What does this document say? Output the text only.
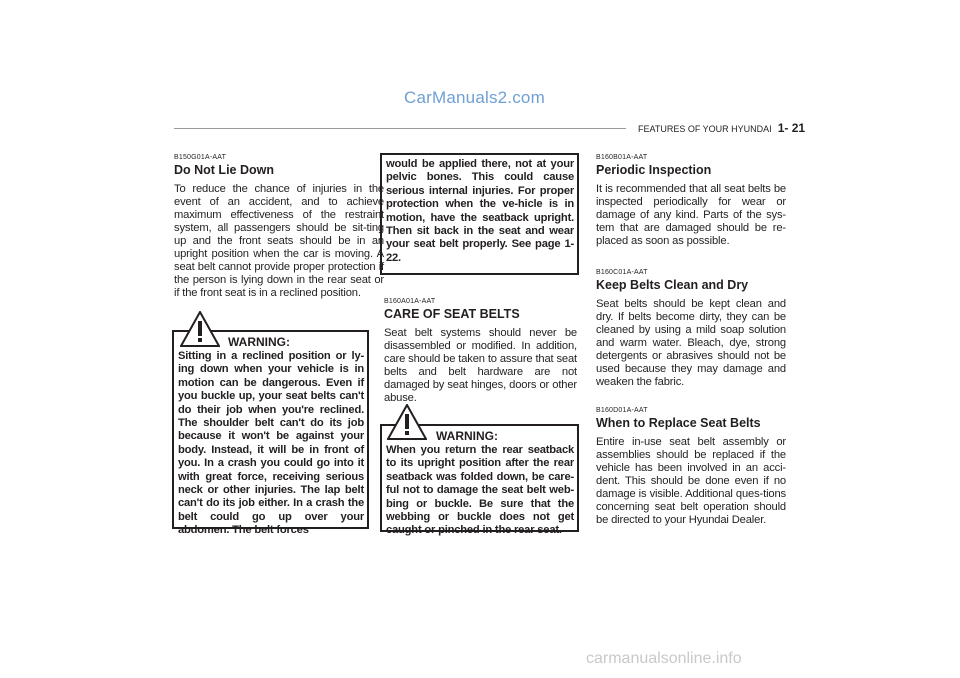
CarManuals2.com
FEATURES OF YOUR HYUNDAI 1- 21

B150G01A-AAT

Do Not Lie Down

To reduce the chance of injuries in the event of an accident, and to achieve maximum effectiveness of the restraint system, all passengers should be sit-ting up and the front seats should be in an upright position when the car is moving. A seat belt cannot provide proper protection if the person is lying down in the rear seat or if the front seat is in a reclined position.

WARNING:

Sitting in a reclined position or ly-ing down when your vehicle is in motion can be dangerous. Even if you buckle up, your seat belts can't do their job when you're reclined. The shoulder belt can't do its job because it won't be against your body. Instead, it will be in front of you. In a crash you could go into it with great force, receiving serious neck or other injuries. The lap belt can't do its job either. In a crash the belt could go up over your abdomen. The belt forces

would be applied there, not at your pelvic bones. This could cause serious internal injuries. For proper protection when the ve-hicle is in motion, have the seatback upright. Then sit back in the seat and wear your seat belt properly. See page 1-22.

B160A01A-AAT

CARE OF SEAT BELTS

Seat belt systems should never be disassembled or modified. In addition, care should be taken to assure that seat belts and belt hardware are not damaged by seat hinges, doors or other abuse.

WARNING:

When you return the rear seatback to its upright position after the rear seatback was folded down, be care-ful not to damage the seat belt web-bing or buckle. Be sure that the webbing or buckle does not get caught or pinched in the rear seat.

B160B01A-AAT

Periodic Inspection

It is recommended that all seat belts be inspected periodically for wear or damage of any kind. Parts of the sys-tem that are damaged should be re-placed as soon as possible.

B160C01A-AAT

Keep Belts Clean and Dry

Seat belts should be kept clean and dry. If belts become dirty, they can be cleaned by using a mild soap solution and warm water. Bleach, dye, strong detergents or abrasives should not be used because they may damage and weaken the fabric.

B160D01A-AAT

When to Replace Seat Belts

Entire in-use seat belt assembly or assemblies should be replaced if the vehicle has been involved in an acci-dent. This should be done even if no damage is visible. Additional ques-tions concerning seat belt operation should be directed to your Hyundai Dealer.

carmanualsonline.info
